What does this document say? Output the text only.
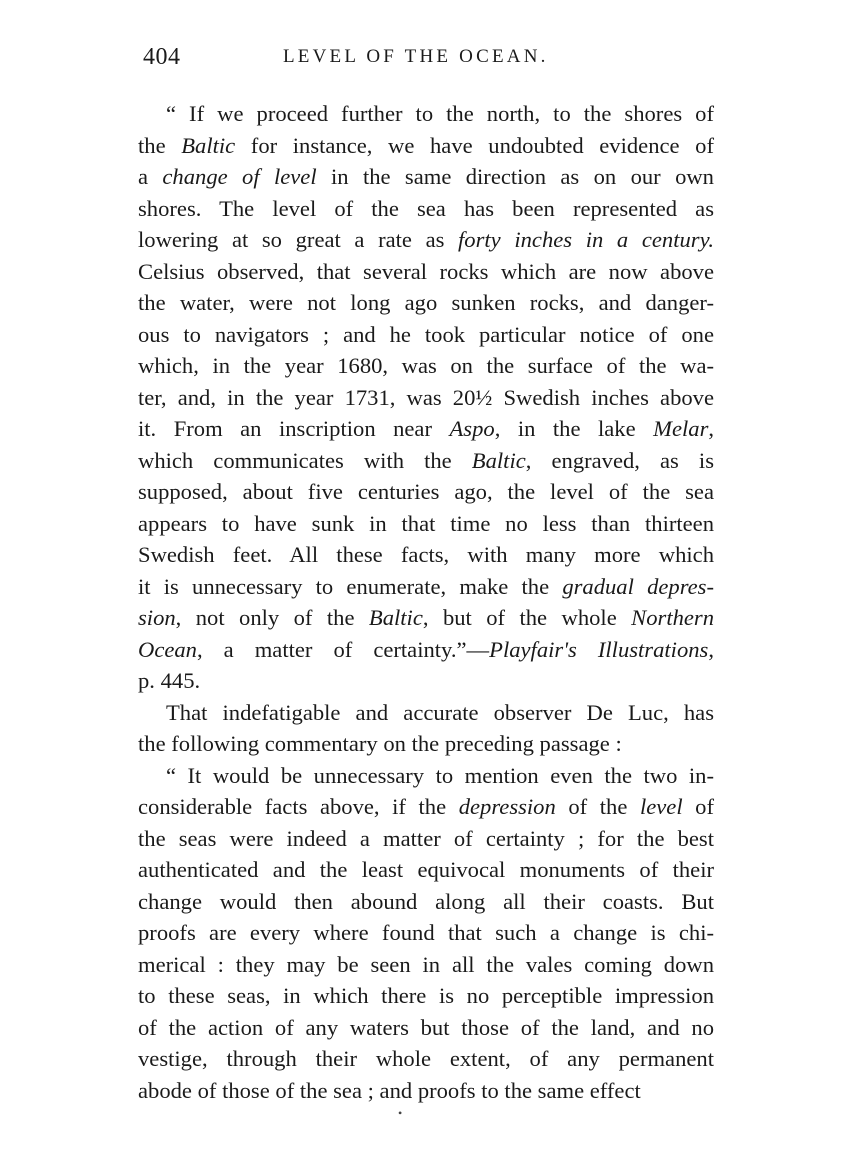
404	LEVEL OF THE OCEAN.
“ If we proceed further to the north, to the shores of
the Baltic for instance, we have undoubted evidence of
a change of level in the same direction as on our own
shores. The level of the sea has been represented as
lowering at so great a rate as forty inches in a century.
Celsius observed, that several rocks which are now above
the water, were not long ago sunken rocks, and danger-
ous to navigators ; and he took particular notice of one
which, in the year 1680, was on the surface of the wa-
ter, and, in the year 1731, was 20½ Swedish inches above
it. From an inscription near Aspo, in the lake Melar,
which communicates with the Baltic, engraved, as is
supposed, about five centuries ago, the level of the sea
appears to have sunk in that time no less than thirteen
Swedish feet. All these facts, with many more which
it is unnecessary to enumerate, make the gradual depres-
sion, not only of the Baltic, but of the whole Northern
Ocean, a matter of certainty.”—Playfair's Illustrations,
p. 445.
That indefatigable and accurate observer De Luc, has
the following commentary on the preceding passage :
“ It would be unnecessary to mention even the two in-
considerable facts above, if the depression of the level of
the seas were indeed a matter of certainty ; for the best
authenticated and the least equivocal monuments of their
change would then abound along all their coasts. But
proofs are every where found that such a change is chi-
merical : they may be seen in all the vales coming down
to these seas, in which there is no perceptible impression
of the action of any waters but those of the land, and no
vestige, through their whole extent, of any permanent
abode of those of the sea ; and proofs to the same effect
•
